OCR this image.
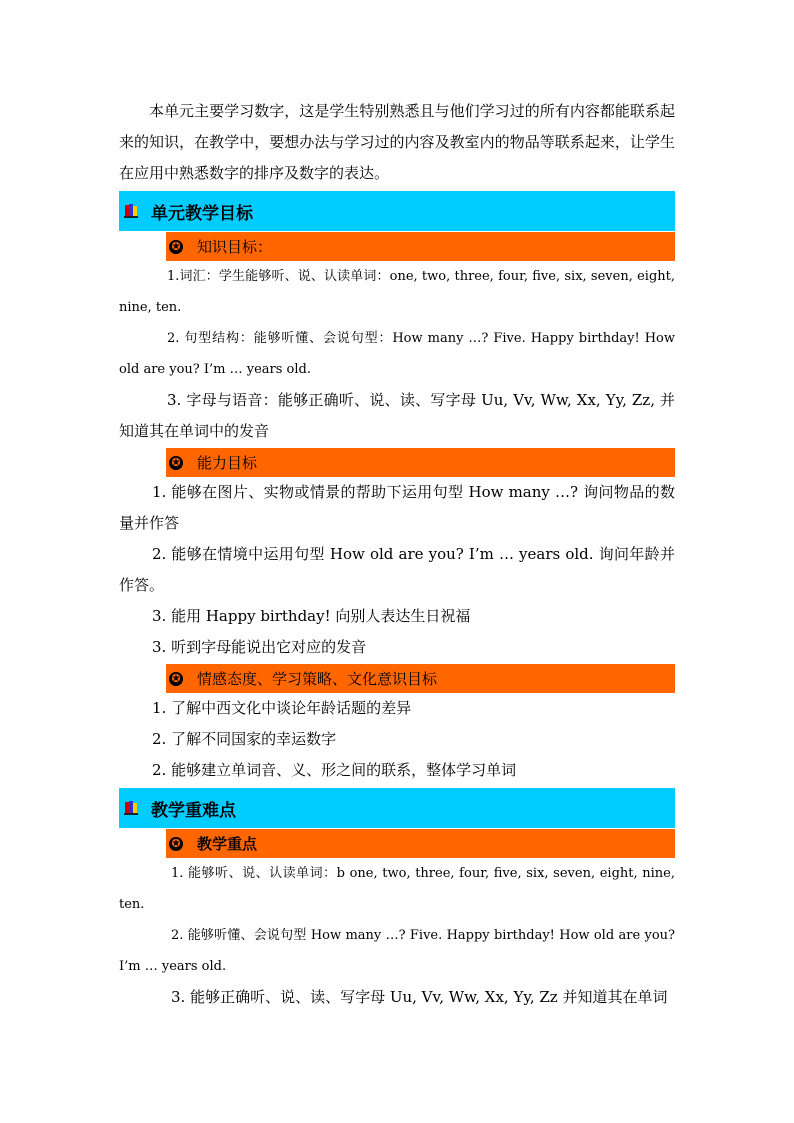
本单元主要学习数字，这是学生特别熟悉且与他们学习过的所有内容都能联系起来的知识，在教学中，要想办法与学习过的内容及教室内的物品等联系起来，让学生在应用中熟悉数字的排序及数字的表达。

单元教学目标
✪ 知识目标：

1.词汇：学生能够听、说、认读单词：one, two, three, four, five, six, seven, eight, nine, ten.

2. 句型结构：能够听懂、会说句型：How many …? Five. Happy birthday! How old are you? I’m … years old.

3. 字母与语音：能够正确听、说、读、写字母 Uu, Vv, Ww, Xx, Yy, Zz, 并知道其在单词中的发音

✪ 能力目标

1. 能够在图片、实物或情景的帮助下运用句型 How many …? 询问物品的数量并作答

2. 能够在情境中运用句型 How old are you? I’m … years old. 询问年龄并作答。

3. 能用 Happy birthday! 向别人表达生日祝福

3. 听到字母能说出它对应的发音

✪ 情感态度、学习策略、文化意识目标

1. 了解中西文化中谈论年龄话题的差异

2. 了解不同国家的幸运数字

2. 能够建立单词音、义、形之间的联系，整体学习单词

教学重难点
✪ 教学重点

1. 能够听、说、认读单词：b one, two, three, four, five, six, seven, eight, nine, ten.

2. 能够听懂、会说句型 How many …? Five. Happy birthday! How old are you? I’m … years old.

3. 能够正确听、说、读、写字母 Uu, Vv, Ww, Xx, Yy, Zz 并知道其在单词
